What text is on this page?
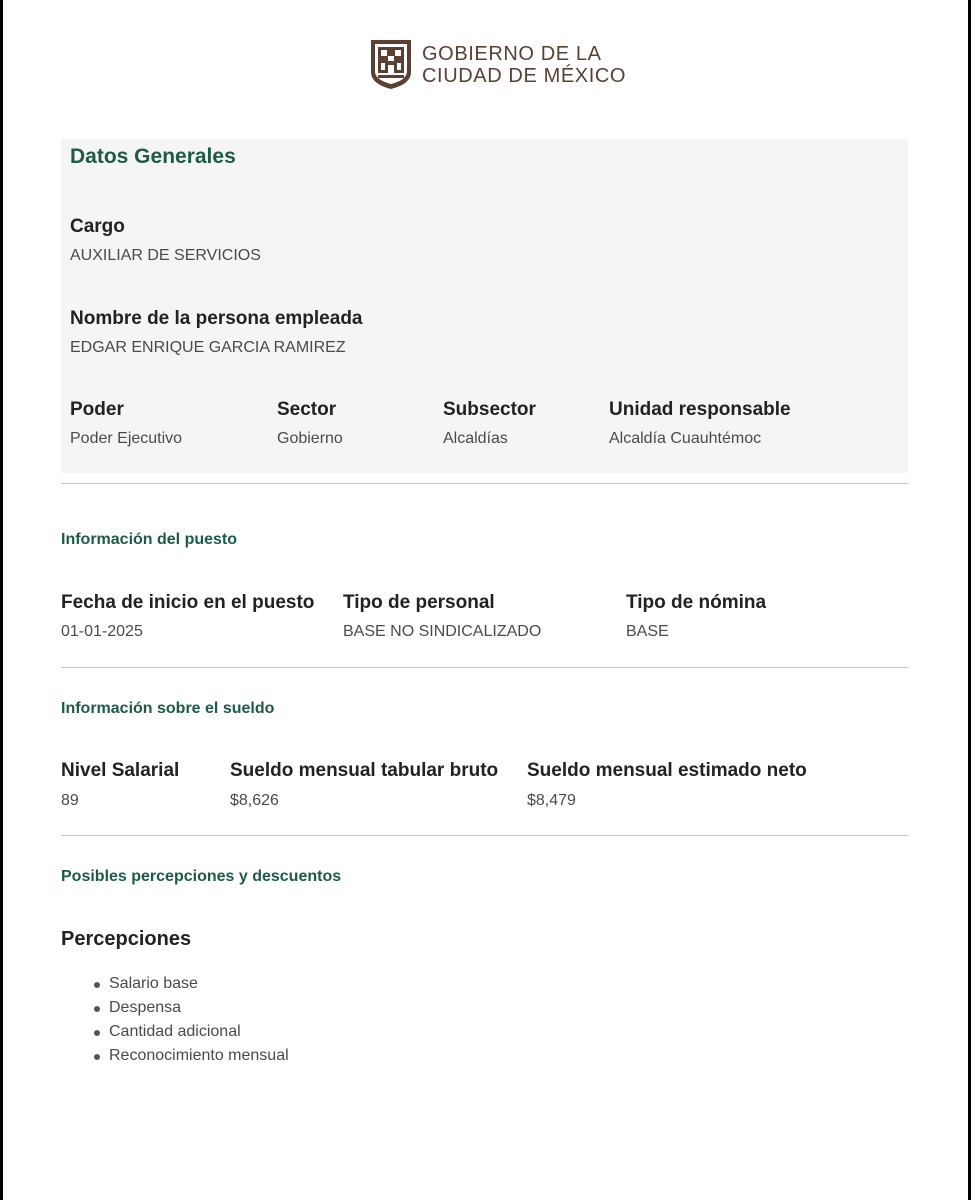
GOBIERNO DE LA
CIUDAD DE MÉXICO
Datos Generales
Cargo
AUXILIAR DE SERVICIOS
Nombre de la persona empleada
EDGAR ENRIQUE GARCIA RAMIREZ
Poder
Poder Ejecutivo
Sector
Gobierno
Subsector
Alcaldías
Unidad responsable
Alcaldía Cuauhtémoc
Información del puesto
Fecha de inicio en el puesto
01-01-2025
Tipo de personal
BASE NO SINDICALIZADO
Tipo de nómina
BASE
Información sobre el sueldo
Nivel Salarial
89
Sueldo mensual tabular bruto
$8,626
Sueldo mensual estimado neto
$8,479
Posibles percepciones y descuentos
Percepciones
Salario base
Despensa
Cantidad adicional
Reconocimiento mensual
